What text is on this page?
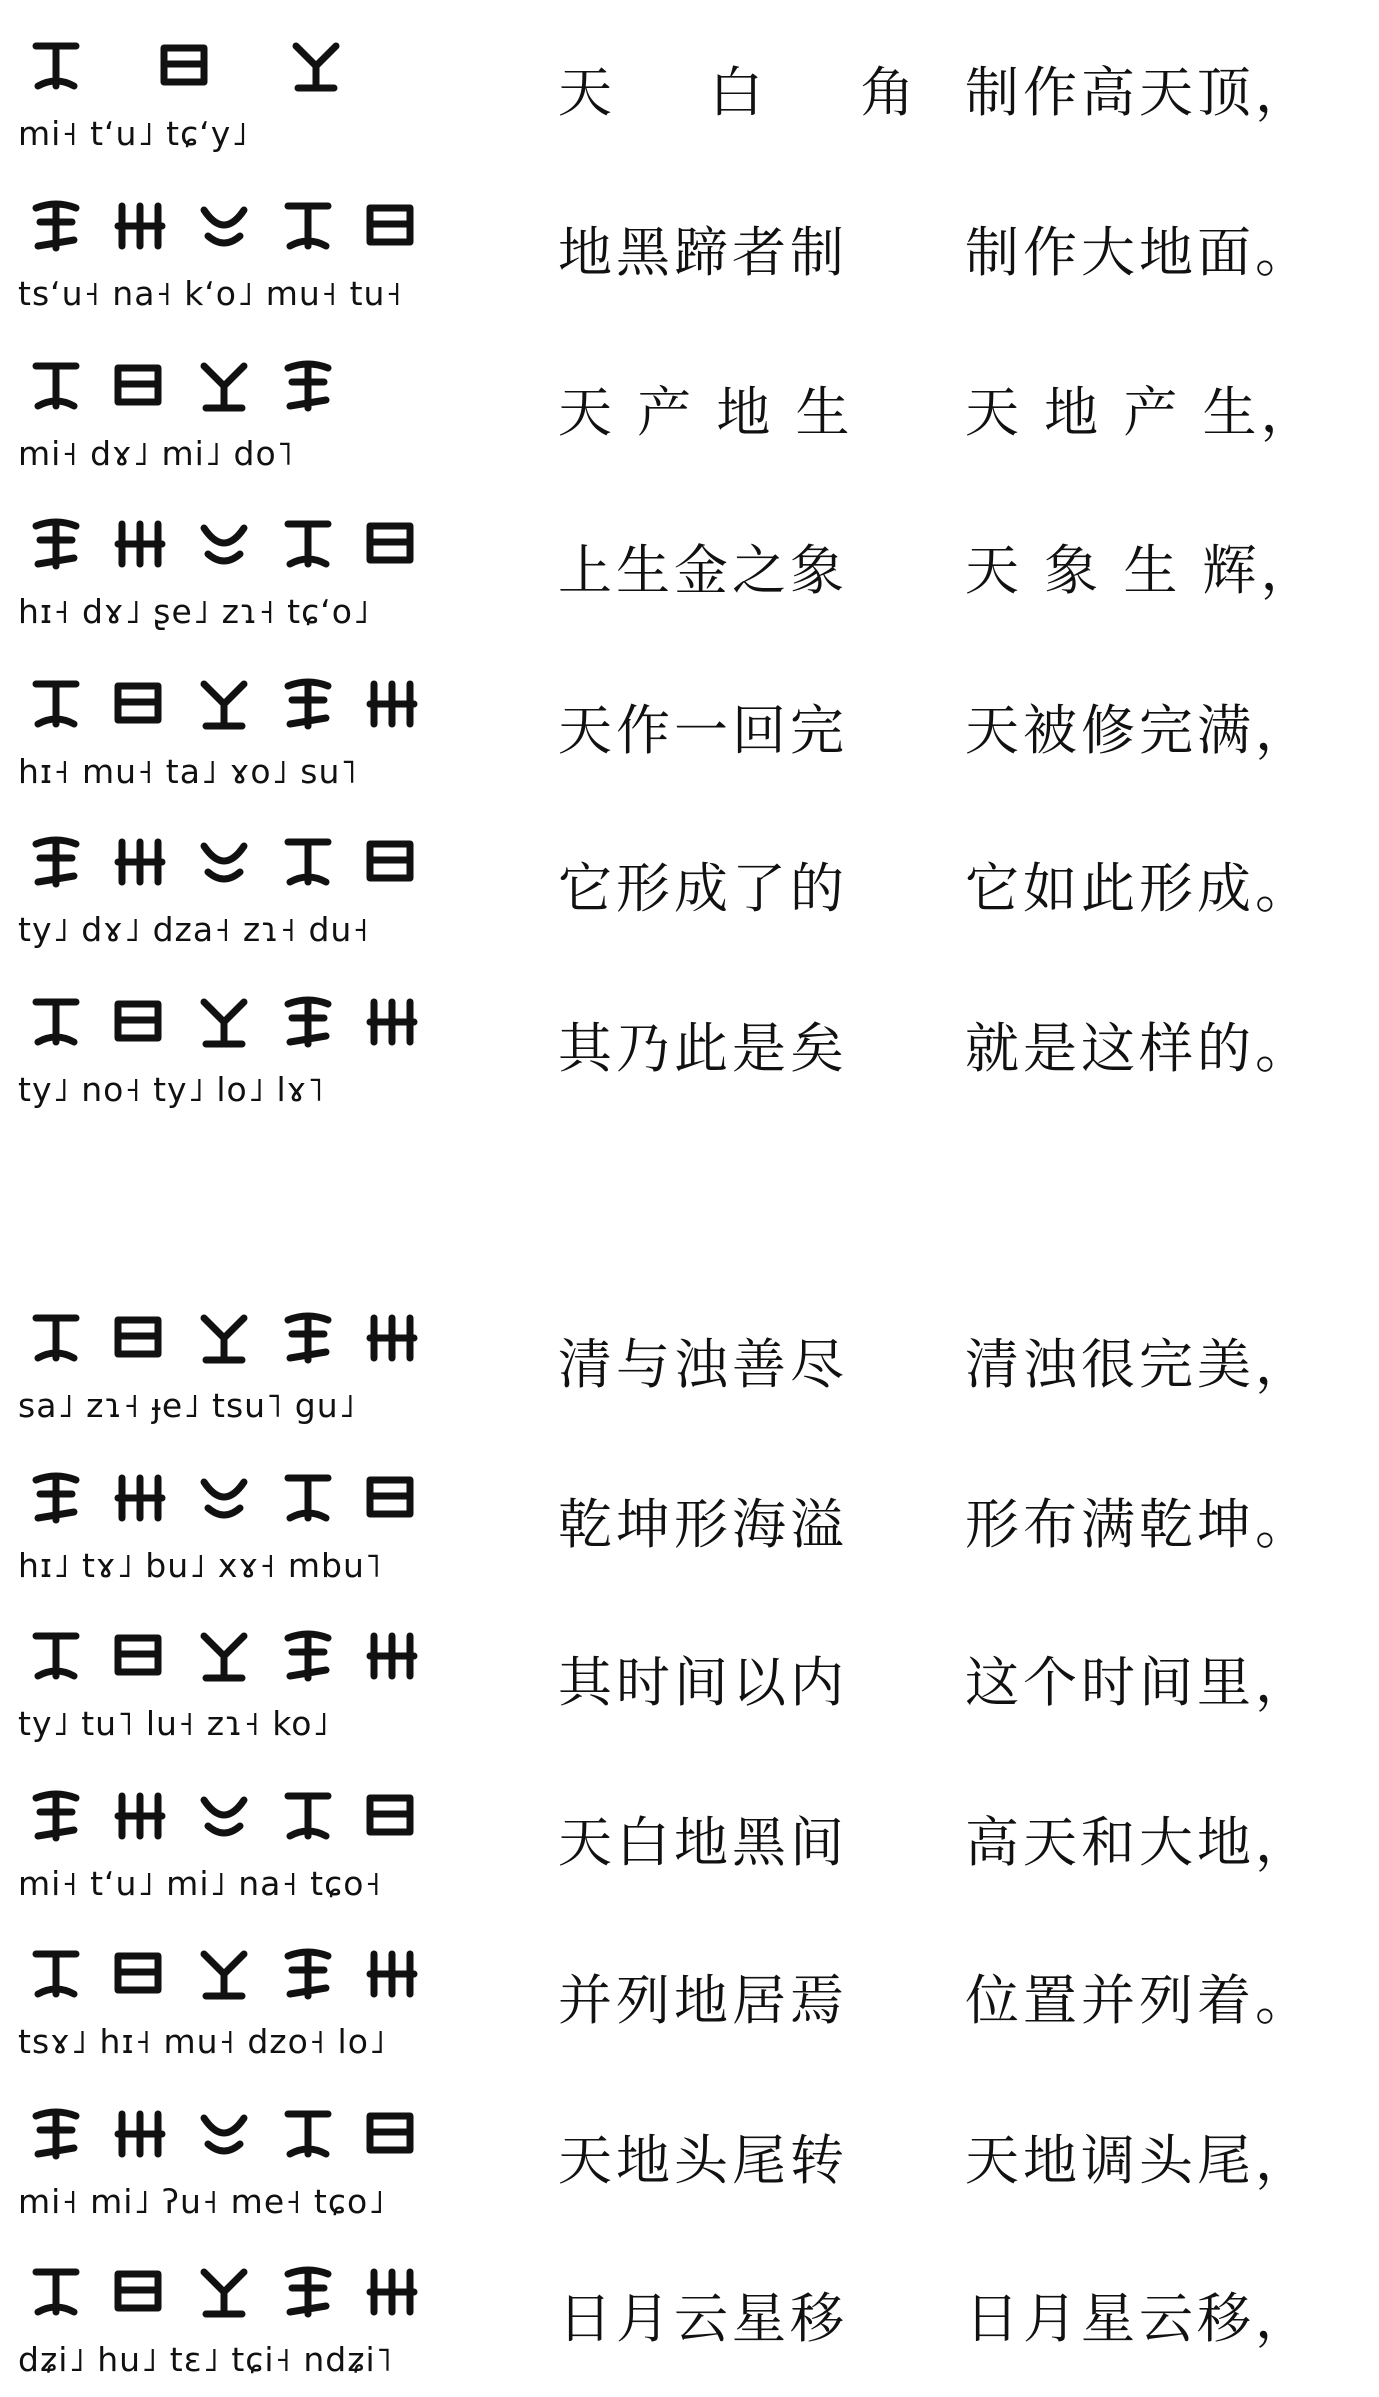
mi˧ tʻu˩ tɕʻy˩
天 白 角 制作高天顶，
tsʻu˧ na˧ kʻo˩ mu˧ tu˧
地黑蹄者制 制作大地面。
mi˧ dɤ˩ mi˩ do˥
天 产 地 生 天 地 产 生，
hɪ˧ dɤ˩ ʂe˩ zɿ˧ tɕʻo˩
上生金之象 天 象 生 辉，
hɪ˧ mu˧ ta˩ ɤo˩ su˥
天作一回完 天被修完满，
ty˩ dɤ˩ dza˧ zɿ˧ du˧
它形成了的 它如此形成。
ty˩ no˧ ty˩ lo˩ lɤ˥
其乃此是矣 就是这样的。
sa˩ zɿ˧ ɟe˩ tsu˥ gu˩
清与浊善尽 清浊很完美，
hɪ˩ tɤ˩ bu˩ xɤ˧ mbu˥
乾坤形海溢 形布满乾坤。
ty˩ tu˥ lu˧ zɿ˧ ko˩
其时间以内 这个时间里，
mi˧ tʻu˩ mi˩ na˧ tɕo˧
天白地黑间 高天和大地，
tsɤ˩ hɪ˧ mu˧ dzo˧ lo˩
并列地居焉 位置并列着。
mi˧ mi˩ ʔu˧ me˧ tɕo˩
天地头尾转 天地调头尾，
dʑi˩ hu˩ tɛ˩ tɕi˧ ndʑi˥
日月云星移 日月星云移，
